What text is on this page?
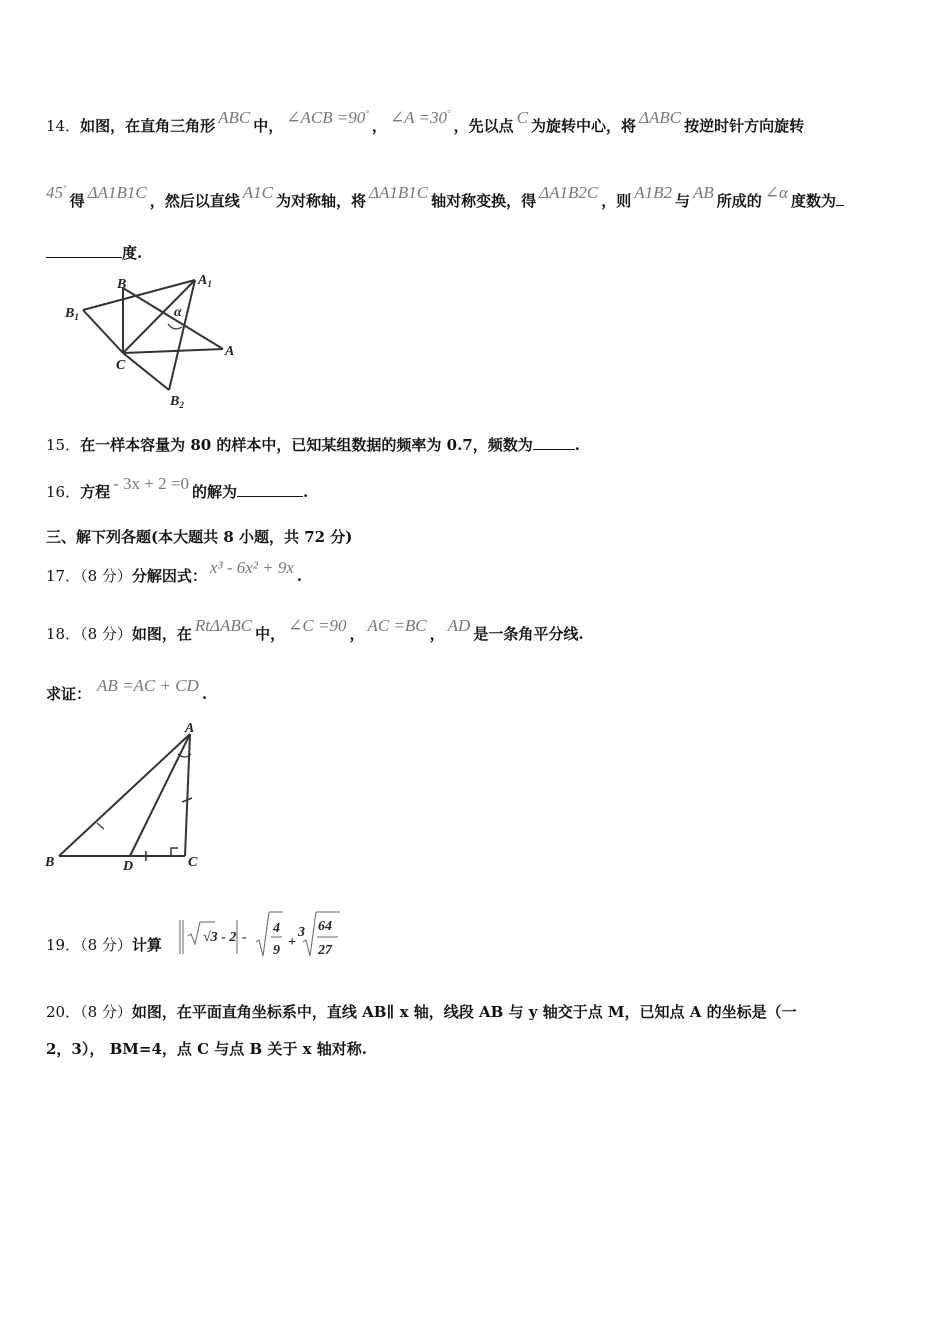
14．如图，在直角三角形 ABC 中， ∠ACB =90°， ∠A =30°，先以点 C 为旋转中心，将 ΔABC 按逆时针方向旋转
45°得 ΔA1B1C ，然后以直线 A1C 为对称轴，将 ΔA1B1C 轴对称变换，得 ΔA1B2C ，则 A1B2 与 AB 所成的 ∠α 度数为
度.
B	$A_1$
$B_1$	α
C
A
$B_2$
15．在一样本容量为 80 的样本中，已知某组数据的频率为 0.7，频数为	.
16．方程 - 3x + 2 =0 的解为	.
三、解下列各题(本大题共 8 小题，共 72 分)
17．（8 分）分解因式： x³ - 6x² + 9x .
18．（8 分）如图，在 RtΔABC 中， ∠C =90 ， AC =BC ， AD 是一条角平分线.
求证： AB =AC + CD .
A
B	D	C
19．（8 分）计算	√3 - 2 -
4
9
+
3 64
27
20．（8 分）如图，在平面直角坐标系中，直线 AB∥ x 轴，线段 AB 与 y 轴交于点 M，已知点 A 的坐标是（一
2，3）， BM=4，点 C 与点 B 关于 x 轴对称.
